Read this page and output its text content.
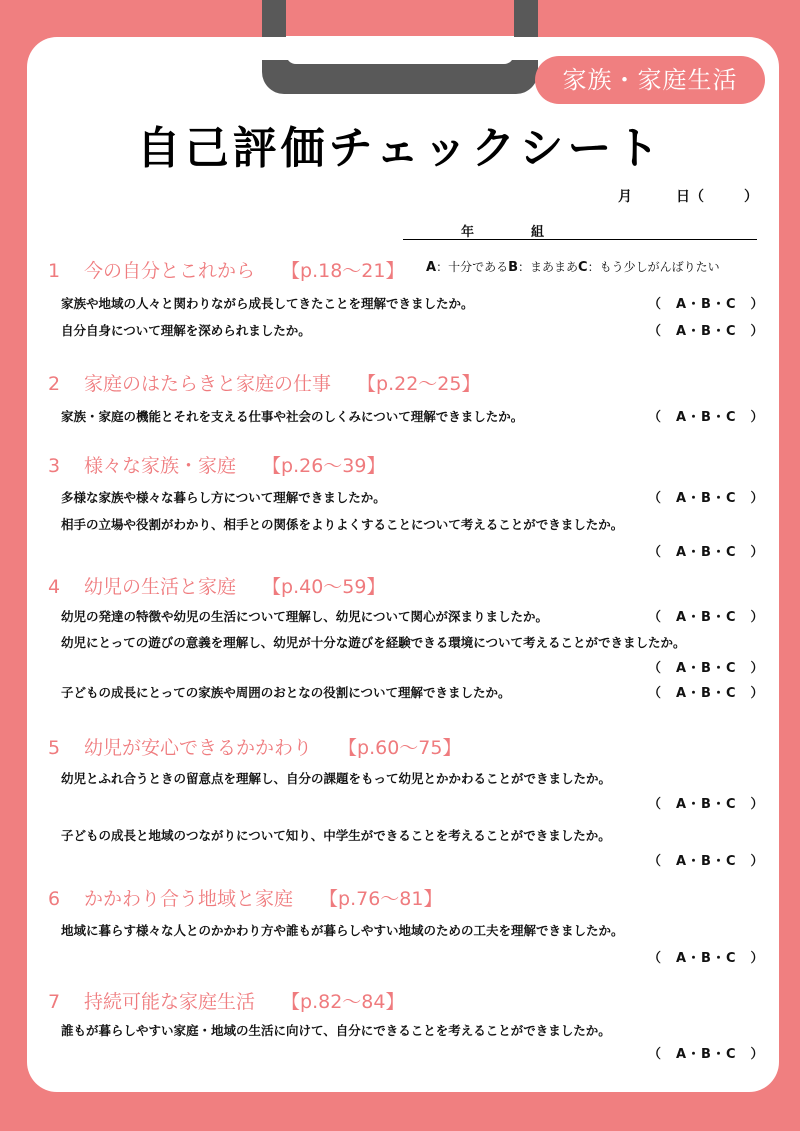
家族・家庭生活
自己評価チェックシート
月	日（	）
年	組
A：十分であるB：まあまあC：もう少しがんばりたい
1 今の自分とこれから 【p.18〜21】
家族や地域の人々と関わりながら成長してきたことを理解できましたか。	（　A・B・C　）
自分自身について理解を深められましたか。	（　A・B・C　）
2 家庭のはたらきと家庭の仕事 【p.22〜25】
家族・家庭の機能とそれを支える仕事や社会のしくみについて理解できましたか。	（　A・B・C　）
3 様々な家族・家庭 【p.26〜39】
多様な家族や様々な暮らし方について理解できましたか。	（　A・B・C　）
相手の立場や役割がわかり、相手との関係をよりよくすることについて考えることができましたか。
（　A・B・C　）
4 幼児の生活と家庭 【p.40〜59】
幼児の発達の特徴や幼児の生活について理解し、幼児について関心が深まりましたか。	（　A・B・C　）
幼児にとっての遊びの意義を理解し、幼児が十分な遊びを経験できる環境について考えることができましたか。
（　A・B・C　）
子どもの成長にとっての家族や周囲のおとなの役割について理解できましたか。	（　A・B・C　）
5 幼児が安心できるかかわり 【p.60〜75】
幼児とふれ合うときの留意点を理解し、自分の課題をもって幼児とかかわることができましたか。
（　A・B・C　）
子どもの成長と地域のつながりについて知り、中学生ができることを考えることができましたか。
（　A・B・C　）
6 かかわり合う地域と家庭 【p.76〜81】
地域に暮らす様々な人とのかかわり方や誰もが暮らしやすい地域のための工夫を理解できましたか。
（　A・B・C　）
7 持続可能な家庭生活 【p.82〜84】
誰もが暮らしやすい家庭・地域の生活に向けて、自分にできることを考えることができましたか。
（　A・B・C　）
